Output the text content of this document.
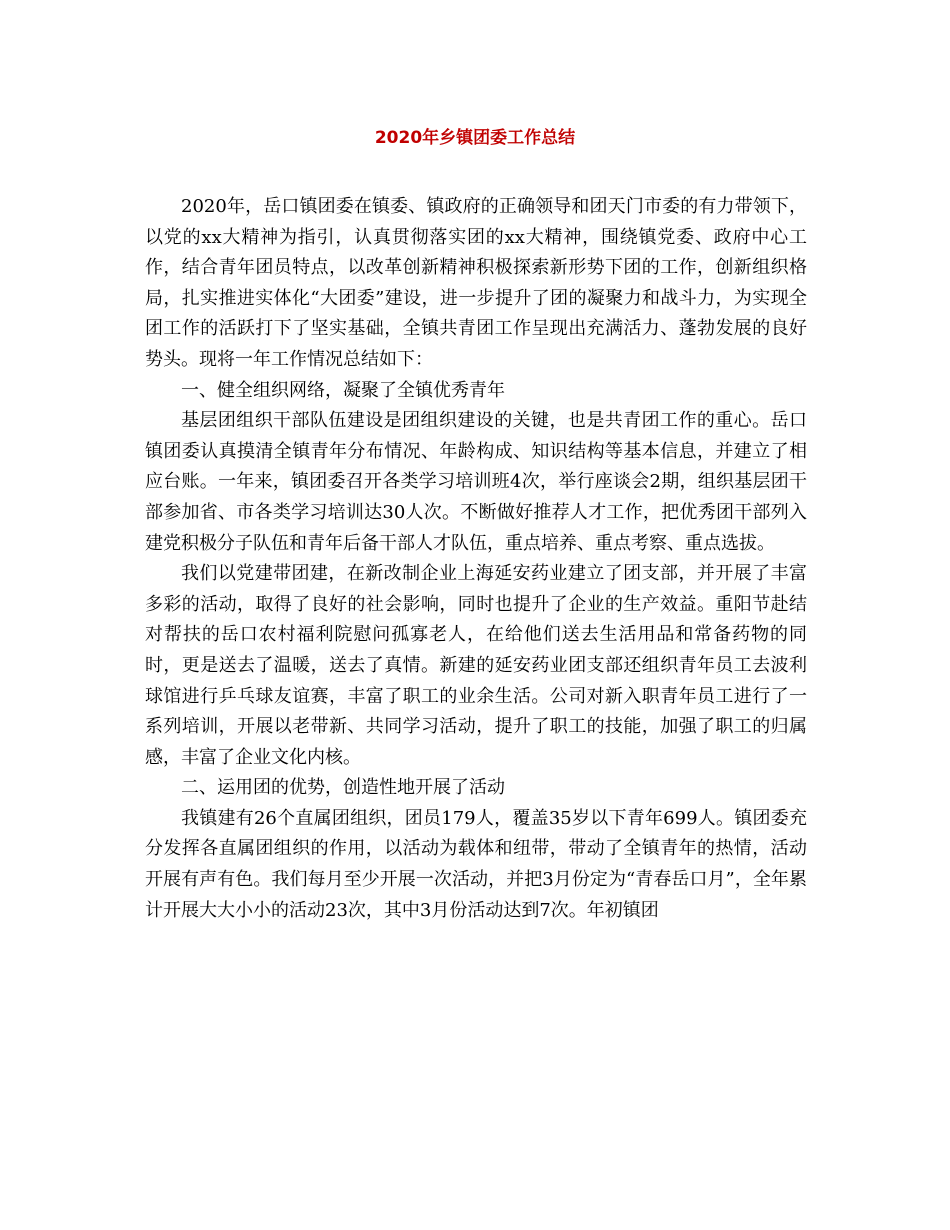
2020年乡镇团委工作总结

2020年，岳口镇团委在镇委、镇政府的正确领导和团天门市委的有力带领下，以党的xx大精神为指引，认真贯彻落实团的xx大精神，围绕镇党委、政府中心工作，结合青年团员特点，以改革创新精神积极探索新形势下团的工作，创新组织格局，扎实推进实体化“大团委”建设，进一步提升了团的凝聚力和战斗力，为实现全团工作的活跃打下了坚实基础，全镇共青团工作呈现出充满活力、蓬勃发展的良好势头。现将一年工作情况总结如下：

一、健全组织网络，凝聚了全镇优秀青年

基层团组织干部队伍建设是团组织建设的关键，也是共青团工作的重心。岳口镇团委认真摸清全镇青年分布情况、年龄构成、知识结构等基本信息，并建立了相应台账。一年来，镇团委召开各类学习培训班4次，举行座谈会2期，组织基层团干部参加省、市各类学习培训达30人次。不断做好推荐人才工作，把优秀团干部列入建党积极分子队伍和青年后备干部人才队伍，重点培养、重点考察、重点选拔。

我们以党建带团建，在新改制企业上海延安药业建立了团支部，并开展了丰富多彩的活动，取得了良好的社会影响，同时也提升了企业的生产效益。重阳节赴结对帮扶的岳口农村福利院慰问孤寡老人，在给他们送去生活用品和常备药物的同时，更是送去了温暖，送去了真情。新建的延安药业团支部还组织青年员工去波利球馆进行乒乓球友谊赛，丰富了职工的业余生活。公司对新入职青年员工进行了一系列培训，开展以老带新、共同学习活动，提升了职工的技能，加强了职工的归属感，丰富了企业文化内核。

二、运用团的优势，创造性地开展了活动

我镇建有26个直属团组织，团员179人，覆盖35岁以下青年699人。镇团委充分发挥各直属团组织的作用，以活动为载体和纽带，带动了全镇青年的热情，活动开展有声有色。我们每月至少开展一次活动，并把3月份定为“青春岳口月”，全年累计开展大大小小的活动23次，其中3月份活动达到7次。年初镇团
